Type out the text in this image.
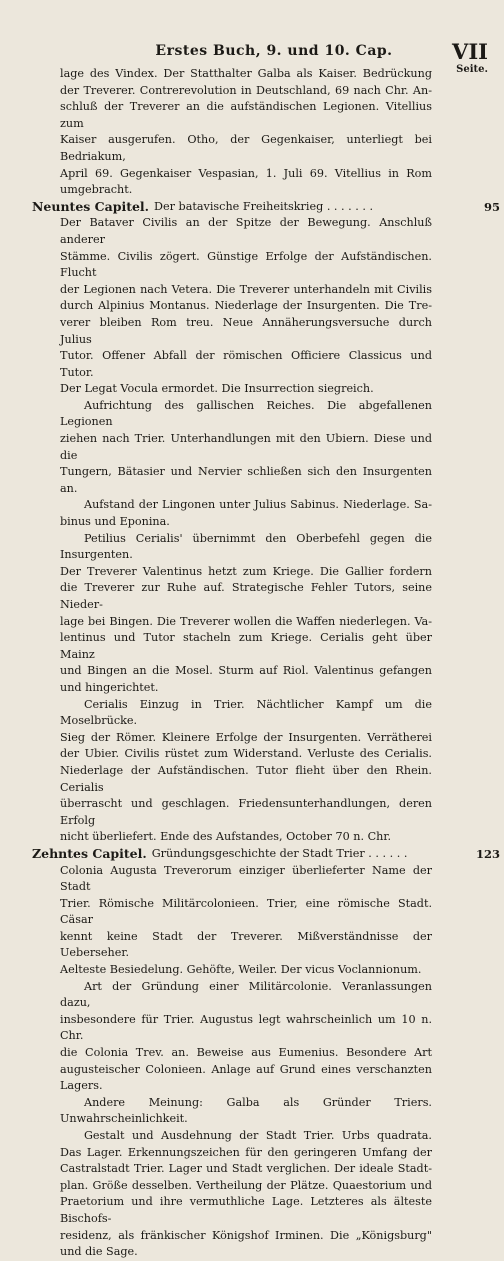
Erstes Buch, 9. und 10. Cap.	VII
Seite.

lage des Vindex. Der Statthalter Galba als Kaiser. Bedrückung

der Treverer. Contrerevolution in Deutschland, 69 nach Chr. An-

schluß der Treverer an die aufständischen Legionen. Vitellius zum

Kaiser ausgerufen. Otho, der Gegenkaiser, unterliegt bei Bedriakum,

April 69. Gegenkaiser Vespasian, 1. Juli 69. Vitellius in Rom

umgebracht.

Neuntes Capitel. Der batavische Freiheitskrieg . . . . . . .	95

Der Bataver Civilis an der Spitze der Bewegung. Anschluß anderer

Stämme. Civilis zögert. Günstige Erfolge der Aufständischen. Flucht

der Legionen nach Vetera. Die Treverer unterhandeln mit Civilis

durch Alpinius Montanus. Niederlage der Insurgenten. Die Tre-

verer bleiben Rom treu. Neue Annäherungsversuche durch Julius

Tutor. Offener Abfall der römischen Officiere Classicus und Tutor.

Der Legat Vocula ermordet. Die Insurrection siegreich.

Aufrichtung des gallischen Reiches. Die abgefallenen Legionen

ziehen nach Trier. Unterhandlungen mit den Ubiern. Diese und die

Tungern, Bätasier und Nervier schließen sich den Insurgenten an.

Aufstand der Lingonen unter Julius Sabinus. Niederlage. Sa-

binus und Eponina.

Petilius Cerialis' übernimmt den Oberbefehl gegen die Insurgenten.

Der Treverer Valentinus hetzt zum Kriege. Die Gallier fordern

die Treverer zur Ruhe auf. Strategische Fehler Tutors, seine Nieder-

lage bei Bingen. Die Treverer wollen die Waffen niederlegen. Va-

lentinus und Tutor stacheln zum Kriege. Cerialis geht über Mainz

und Bingen an die Mosel. Sturm auf Riol. Valentinus gefangen

und hingerichtet.

Cerialis Einzug in Trier. Nächtlicher Kampf um die Moselbrücke.

Sieg der Römer. Kleinere Erfolge der Insurgenten. Verrätherei

der Ubier. Civilis rüstet zum Widerstand. Verluste des Cerialis.

Niederlage der Aufständischen. Tutor flieht über den Rhein. Cerialis

überrascht und geschlagen. Friedensunterhandlungen, deren Erfolg

nicht überliefert. Ende des Aufstandes, October 70 n. Chr.

Zehntes Capitel. Gründungsgeschichte der Stadt Trier . . . . . .	123

Colonia Augusta Treverorum einziger überlieferter Name der Stadt

Trier. Römische Militärcolonieen. Trier, eine römische Stadt. Cäsar

kennt keine Stadt der Treverer. Mißverständnisse der Ueberseher.

Aelteste Besiedelung. Gehöfte, Weiler. Der vicus Voclannionum.

Art der Gründung einer Militärcolonie. Veranlassungen dazu,

insbesondere für Trier. Augustus legt wahrscheinlich um 10 n. Chr.

die Colonia Trev. an. Beweise aus Eumenius. Besondere Art

augusteischer Colonieen. Anlage auf Grund eines verschanzten Lagers.

Andere Meinung: Galba als Gründer Triers. Unwahrscheinlichkeit.

Gestalt und Ausdehnung der Stadt Trier. Urbs quadrata.

Das Lager. Erkennungszeichen für den geringeren Umfang der

Castralstadt Trier. Lager und Stadt verglichen. Der ideale Stadt-

plan. Größe desselben. Vertheilung der Plätze. Quaestorium und

Praetorium und ihre vermuthliche Lage. Letzteres als älteste Bischofs-

residenz, als fränkischer Königshof Irminen. Die „Königsburg"

und die Sage.
